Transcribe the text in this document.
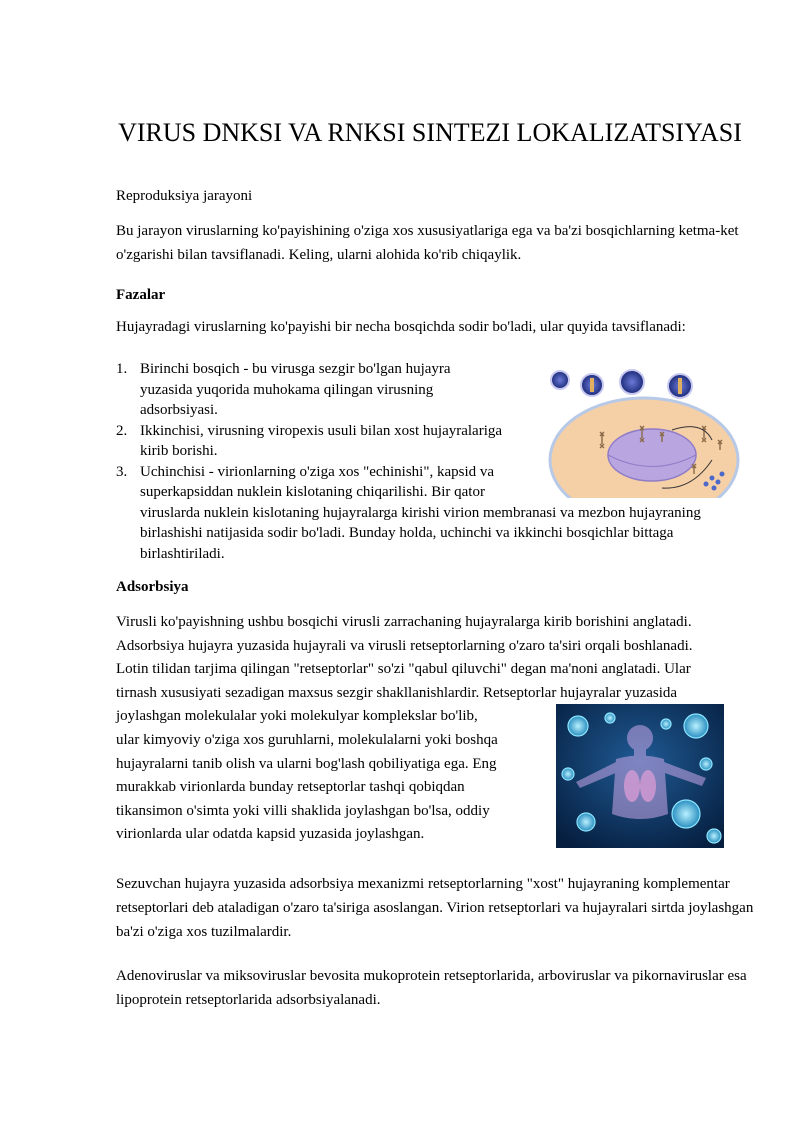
VIRUS DNKSI VA RNKSI SINTEZI LOKALIZATSIYASI

Reproduksiya jarayoni

Bu jarayon viruslarning ko'payishining o'ziga xos xususiyatlariga ega va ba'zi bosqichlarning ketma-ket o'zgarishi bilan tavsiflanadi. Keling, ularni alohida ko'rib chiqaylik.

Fazalar

Hujayradagi viruslarning ko'payishi bir necha bosqichda sodir bo'ladi, ular quyida tavsiflanadi:

1. Birinchi bosqich - bu virusga sezgir bo'lgan hujayra
yuzasida yuqorida muhokama qilingan virusning
adsorbsiyasi.
2. Ikkinchisi, virusning viropexis usuli bilan xost hujayralariga
kirib borishi.
3. Uchinchisi - virionlarning o'ziga xos "echinishi", kapsid va
superkapsiddan nuklein kislotaning chiqarilishi. Bir qator
viruslarda nuklein kislotaning hujayralarga kirishi virion membranasi va mezbon hujayraning
birlashishi natijasida sodir bo'ladi. Bunday holda, uchinchi va ikkinchi bosqichlar bittaga
birlashtiriladi.

Adsorbsiya

Virusli ko'payishning ushbu bosqichi virusli zarrachaning hujayralarga kirib borishini anglatadi.
Adsorbsiya hujayra yuzasida hujayrali va virusli retseptorlarning o'zaro ta'siri orqali boshlanadi.
Lotin tilidan tarjima qilingan "retseptorlar" so'zi "qabul qiluvchi" degan ma'noni anglatadi. Ular
tirnash xususiyati sezadigan maxsus sezgir shakllanishlardir. Retseptorlar hujayralar yuzasida
joylashgan molekulalar yoki molekulyar komplekslar bo'lib,
ular kimyoviy o'ziga xos guruhlarni, molekulalarni yoki boshqa
hujayralarni tanib olish va ularni bog'lash qobiliyatiga ega. Eng
murakkab virionlarda bunday retseptorlar tashqi qobiqdan
tikansimon o'simta yoki villi shaklida joylashgan bo'lsa, oddiy
virionlarda ular odatda kapsid yuzasida joylashgan.

Sezuvchan hujayra yuzasida adsorbsiya mexanizmi retseptorlarning "xost" hujayraning komplementar retseptorlari deb ataladigan o'zaro ta'siriga asoslangan. Virion retseptorlari va hujayralari sirtda joylashgan ba'zi o'ziga xos tuzilmalardir.

Adenoviruslar va miksoviruslar bevosita mukoprotein retseptorlarida, arboviruslar va pikornaviruslar esa lipoprotein retseptorlarida adsorbsiyalanadi.
